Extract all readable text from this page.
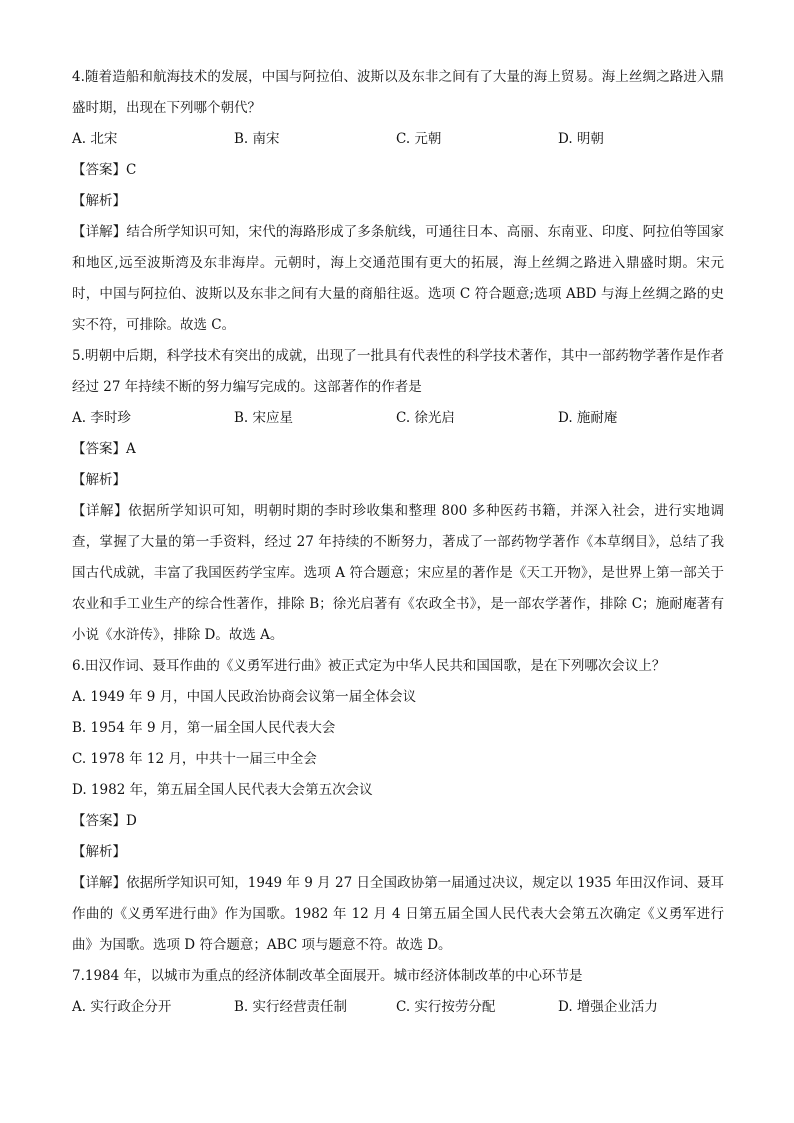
4.随着造船和航海技术的发展，中国与阿拉伯、波斯以及东非之间有了大量的海上贸易。海上丝绸之路进入鼎盛时期，出现在下列哪个朝代？
A. 北宋	B. 南宋	C. 元朝	D. 明朝
【答案】C
【解析】
【详解】结合所学知识可知，宋代的海路形成了多条航线，可通往日本、高丽、东南亚、印度、阿拉伯等国家和地区,远至波斯湾及东非海岸。元朝时，海上交通范围有更大的拓展，海上丝绸之路进入鼎盛时期。宋元时，中国与阿拉伯、波斯以及东非之间有大量的商船往返。选项 C 符合题意;选项 ABD 与海上丝绸之路的史实不符，可排除。故选 C。
5.明朝中后期，科学技术有突出的成就，出现了一批具有代表性的科学技术著作，其中一部药物学著作是作者经过 27 年持续不断的努力编写完成的。这部著作的作者是
A. 李时珍	B. 宋应星	C. 徐光启	D. 施耐庵
【答案】A
【解析】
【详解】依据所学知识可知，明朝时期的李时珍收集和整理 800 多种医药书籍，并深入社会，进行实地调查，掌握了大量的第一手资料，经过 27 年持续的不断努力，著成了一部药物学著作《本草纲目》，总结了我国古代成就，丰富了我国医药学宝库。选项 A 符合题意；宋应星的著作是《天工开物》，是世界上第一部关于农业和手工业生产的综合性著作，排除 B；徐光启著有《农政全书》，是一部农学著作，排除 C；施耐庵著有小说《水浒传》，排除 D。故选 A。
6.田汉作词、聂耳作曲的《义勇军进行曲》被正式定为中华人民共和国国歌，是在下列哪次会议上？
A. 1949 年 9 月，中国人民政治协商会议第一届全体会议
B. 1954 年 9 月，第一届全国人民代表大会
C. 1978 年 12 月，中共十一届三中全会
D. 1982 年，第五届全国人民代表大会第五次会议
【答案】D
【解析】
【详解】依据所学知识可知，1949 年 9 月 27 日全国政协第一届通过决议，规定以 1935 年田汉作词、聂耳作曲的《义勇军进行曲》作为国歌。1982 年 12 月 4 日第五届全国人民代表大会第五次确定《义勇军进行曲》为国歌。选项 D 符合题意；ABC 项与题意不符。故选 D。
7.1984 年，以城市为重点的经济体制改革全面展开。城市经济体制改革的中心环节是
A. 实行政企分开	B. 实行经营责任制	C. 实行按劳分配	D. 增强企业活力
